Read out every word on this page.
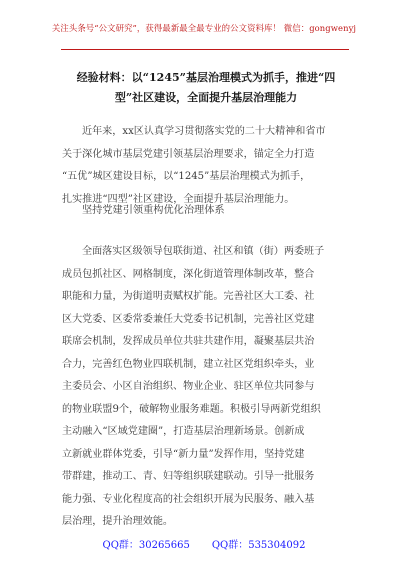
关注头条号“公文研究”，获得最新最全最专业的公文资料库！ 微信：gongwenyj
经验材料：以“1245”基层治理模式为抓手，推进“四
型”社区建设，全面提升基层治理能力
近年来，xx区认真学习贯彻落实党的二十大精神和省市
关于深化城市基层党建引领基层治理要求，锚定全力打造
“五优”城区建设目标，以“1245”基层治理模式为抓手，
扎实推进“四型”社区建设，全面提升基层治理能力。
坚持党建引领重构优化治理体系
全面落实区级领导包联街道、社区和镇（街）两委班子
成员包抓社区、网格制度，深化街道管理体制改革，整合
职能和力量，为街道明责赋权扩能。完善社区大工委、社
区大党委、区委常委兼任大党委书记机制，完善社区党建
联席会机制，发挥成员单位共驻共建作用，凝聚基层共治
合力，完善红色物业四联机制，建立社区党组织牵头，业
主委员会、小区自治组织、物业企业、驻区单位共同参与
的物业联盟9个，破解物业服务难题。积极引导两新党组织
主动融入“区域党建圈”，打造基层治理新场景。创新成
立新就业群体党委，引导“新力量”发挥作用，坚持党建
带群建，推动工、青、妇等组织联建联动。引导一批服务
能力强、专业化程度高的社会组织开展为民服务、融入基
层治理，提升治理效能。
QQ群：30265665 QQ群：535304092
